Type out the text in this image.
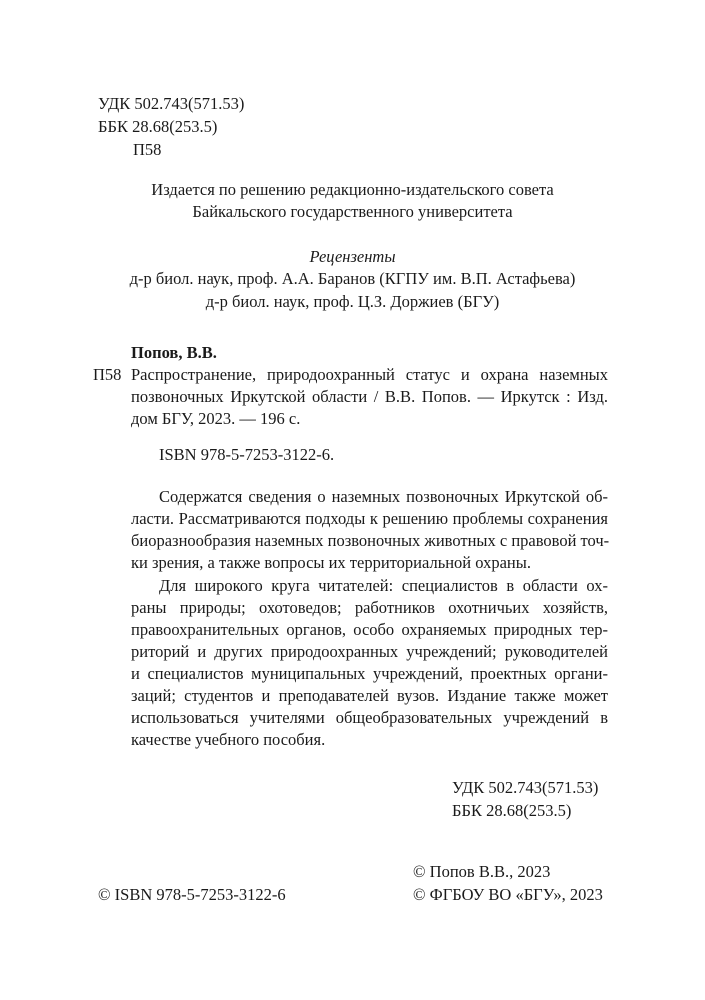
УДК 502.743(571.53)
ББК 28.68(253.5)
П58
Издается по решению редакционно-издательского совета
Байкальского государственного университета
Рецензенты
д-р биол. наук, проф. А.А. Баранов (КГПУ им. В.П. Астафьева)
д-р биол. наук, проф. Ц.З. Доржиев (БГУ)
Попов, В.В.
П58 Распространение, природоохранный статус и охрана наземных
позвоночных Иркутской области / В.В. Попов. — Иркутск : Изд.
дом БГУ, 2023. — 196 с.
ISBN 978-5-7253-3122-6.
Содержатся сведения о наземных позвоночных Иркутской об-
ласти. Рассматриваются подходы к решению проблемы сохранения
биоразнообразия наземных позвоночных животных с правовой точ-
ки зрения, а также вопросы их территориальной охраны.
Для широкого круга читателей: специалистов в области ох-
раны природы; охотоведов; работников охотничьих хозяйств,
правоохранительных органов, особо охраняемых природных тер-
риторий и других природоохранных учреждений; руководителей
и специалистов муниципальных учреждений, проектных органи-
заций; студентов и преподавателей вузов. Издание также может
использоваться учителями общеобразовательных учреждений в
качестве учебного пособия.
УДК 502.743(571.53)
ББК 28.68(253.5)
© Попов В.В., 2023
© ISBN 978-5-7253-3122-6	© ФГБОУ ВО «БГУ», 2023
